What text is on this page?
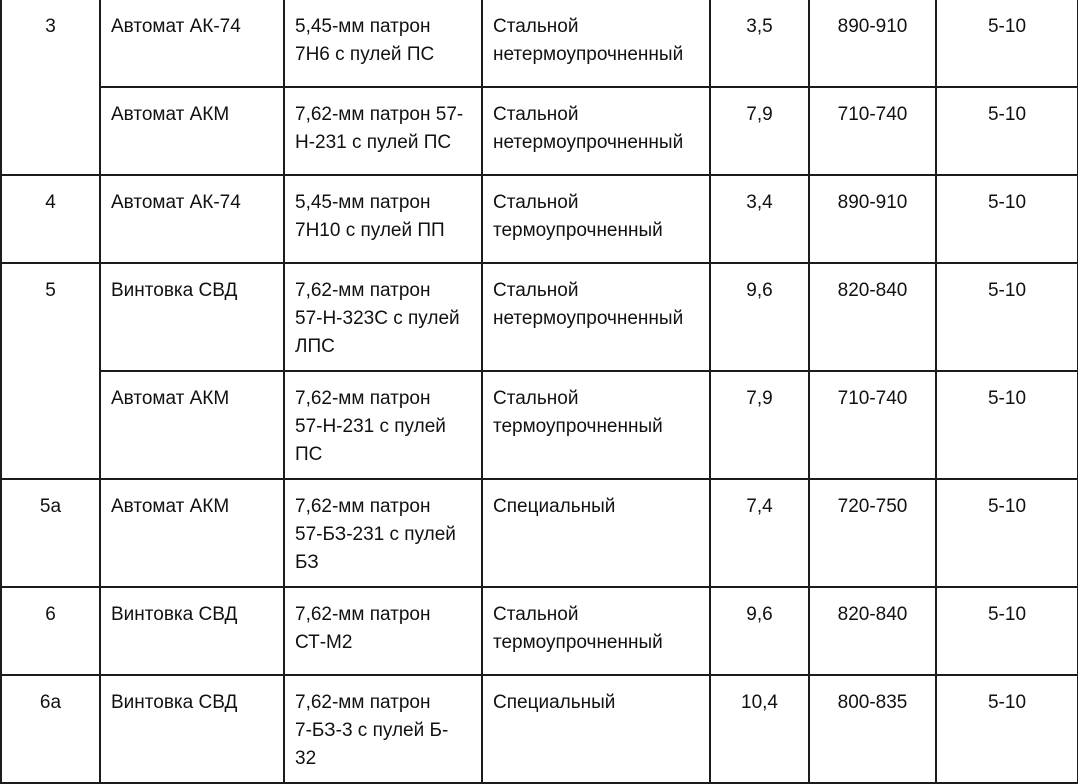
3	Автомат АК-74	5,45-мм патрон
7Н6 с пулей ПС	Стальной
нетермоупрочненный	3,5	890-910	5-10
	Автомат АКМ	7,62-мм патрон 57-
Н-231 с пулей ПС	Стальной
нетермоупрочненный	7,9	710-740	5-10
4	Автомат АК-74	5,45-мм патрон
7Н10 с пулей ПП	Стальной
термоупрочненный	3,4	890-910	5-10
5	Винтовка СВД	7,62-мм патрон
57-Н-323С с пулей
ЛПС	Стальной
нетермоупрочненный	9,6	820-840	5-10
	Автомат АКМ	7,62-мм патрон
57-Н-231 с пулей
ПС	Стальной
термоупрочненный	7,9	710-740	5-10
5а	Автомат АКМ	7,62-мм патрон
57-БЗ-231 с пулей
БЗ	Специальный	7,4	720-750	5-10
6	Винтовка СВД	7,62-мм патрон
СТ-М2	Стальной
термоупрочненный	9,6	820-840	5-10
6а	Винтовка СВД	7,62-мм патрон
7-БЗ-3 с пулей Б-
32	Специальный	10,4	800-835	5-10
